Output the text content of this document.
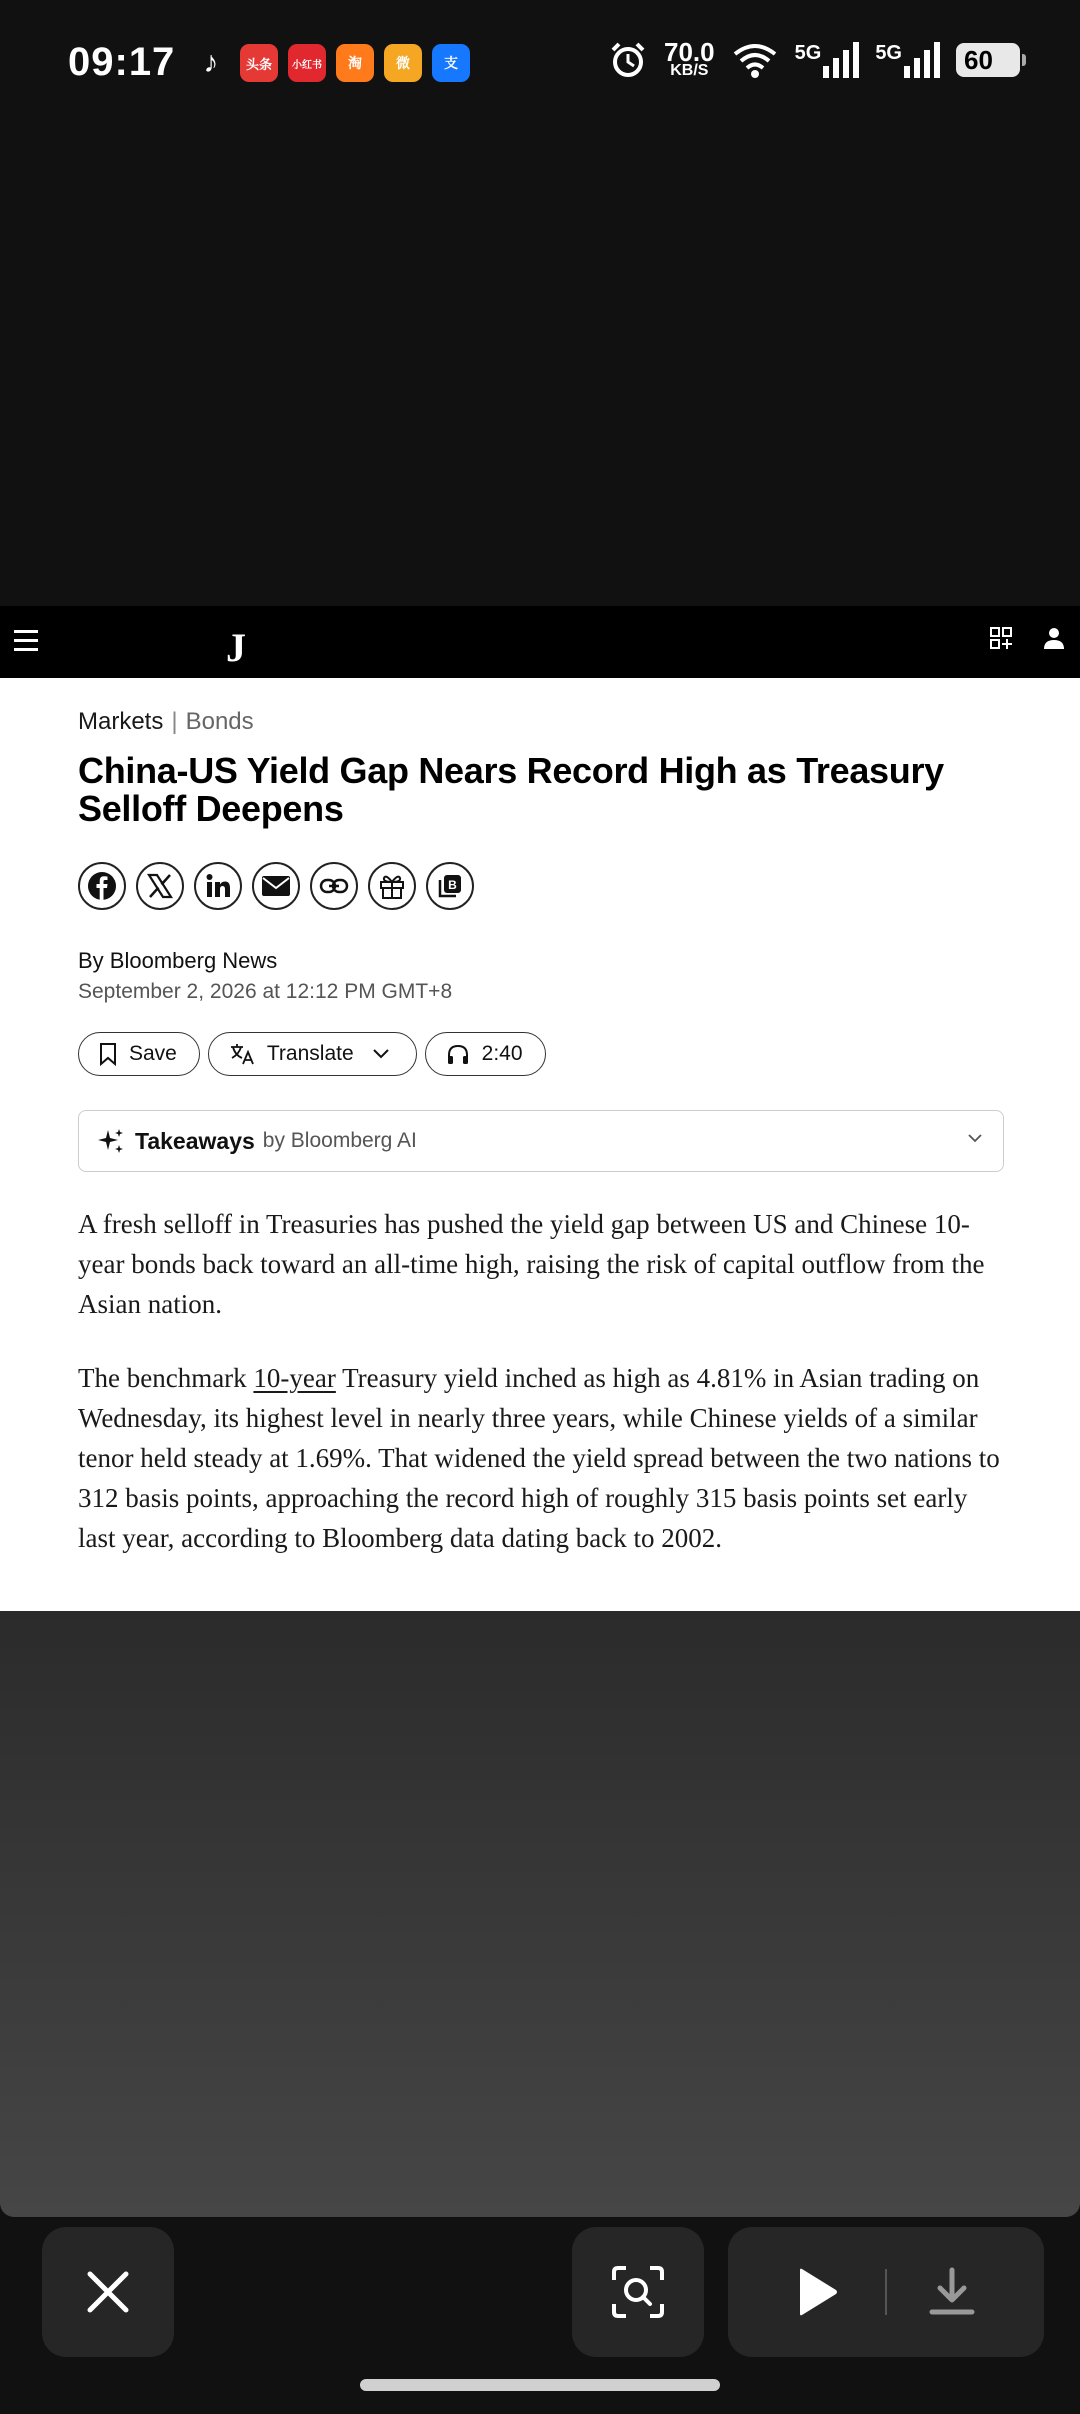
09:17 ♪	头条	小红书	淘	微	支	70.0
KB/S
5G	5G 60
J
Markets | Bonds
China-US Yield Gap Nears Record High as Treasury Selloff Deepens
B
By Bloomberg News
September 2, 2026 at 12:12 PM GMT+8
Save	Translate	2:40
Takeaways by Bloomberg AI

A fresh selloff in Treasuries has pushed the yield gap between US and Chinese 10-year bonds back toward an all-time high, raising the risk of capital outflow from the Asian nation.

The benchmark 10-year Treasury yield inched as high as 4.81% in Asian trading on Wednesday, its highest level in nearly three years, while Chinese yields of a similar tenor held steady at 1.69%. That widened the yield spread between the two nations to 312 basis points, approaching the record high of roughly 315 basis points set early last year, according to Bloomberg data dating back to 2002.
